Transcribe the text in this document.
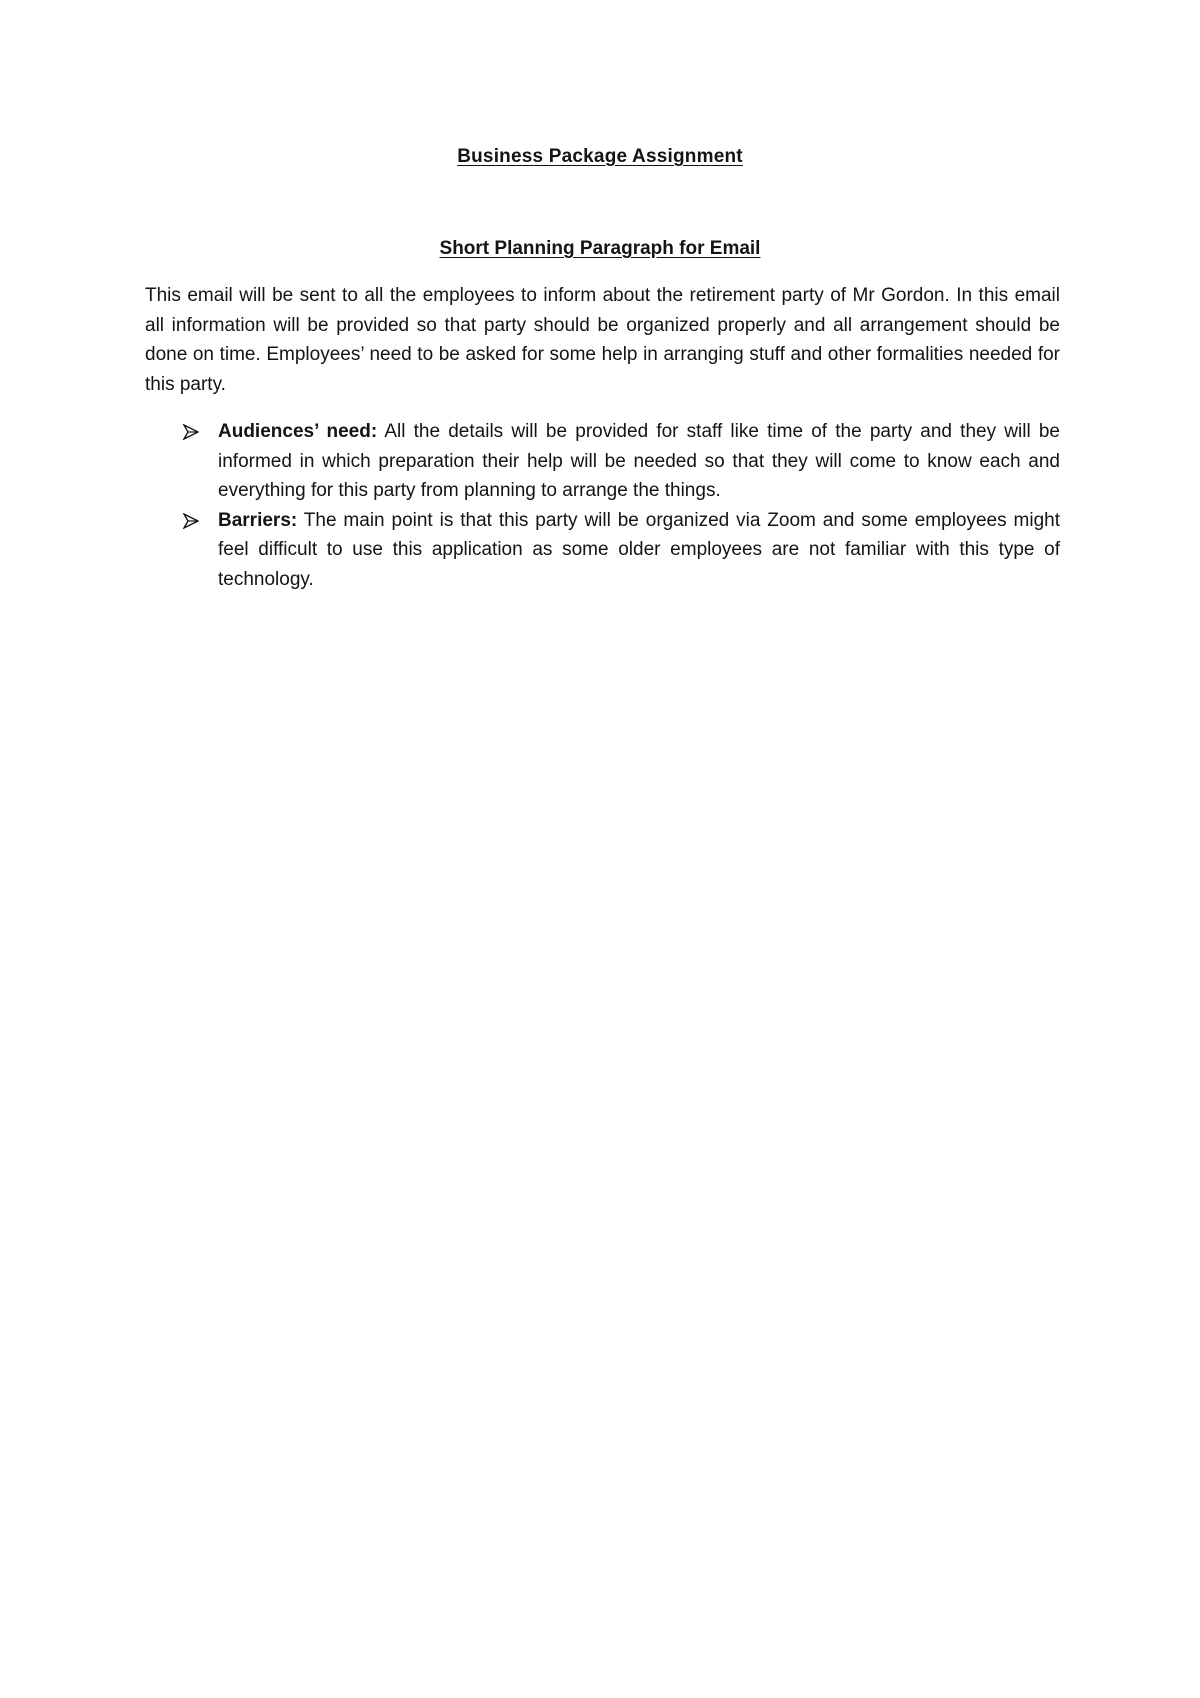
Business Package Assignment
Short Planning Paragraph for Email

This email will be sent to all the employees to inform about the retirement party of Mr Gordon. In this email all information will be provided so that party should be organized properly and all arrangement should be done on time. Employees’ need to be asked for some help in arranging stuff and other formalities needed for this party.

Audiences’ need: All the details will be provided for staff like time of the party and they will be informed in which preparation their help will be needed so that they will come to know each and everything for this party from planning to arrange the things.
Barriers: The main point is that this party will be organized via Zoom and some employees might feel difficult to use this application as some older employees are not familiar with this type of technology.
